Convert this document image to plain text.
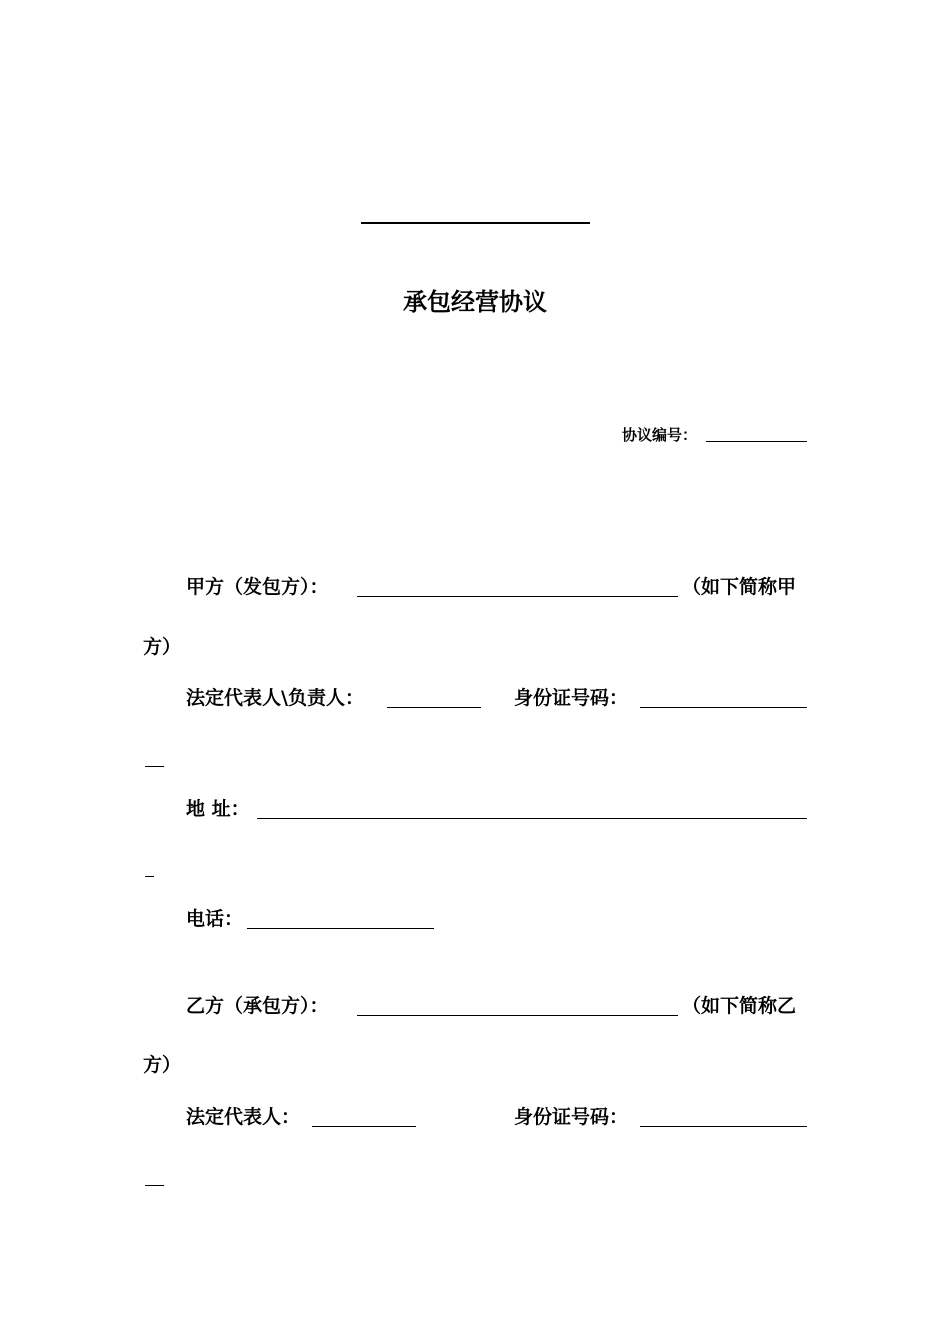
承包经营协议
协议编号：
甲方（发包方）：	（如下简称甲
方）
法定代表人\负责人：	身份证号码：
地 址：
电话：
乙方（承包方）：	（如下简称乙
方）
法定代表人：	身份证号码：
